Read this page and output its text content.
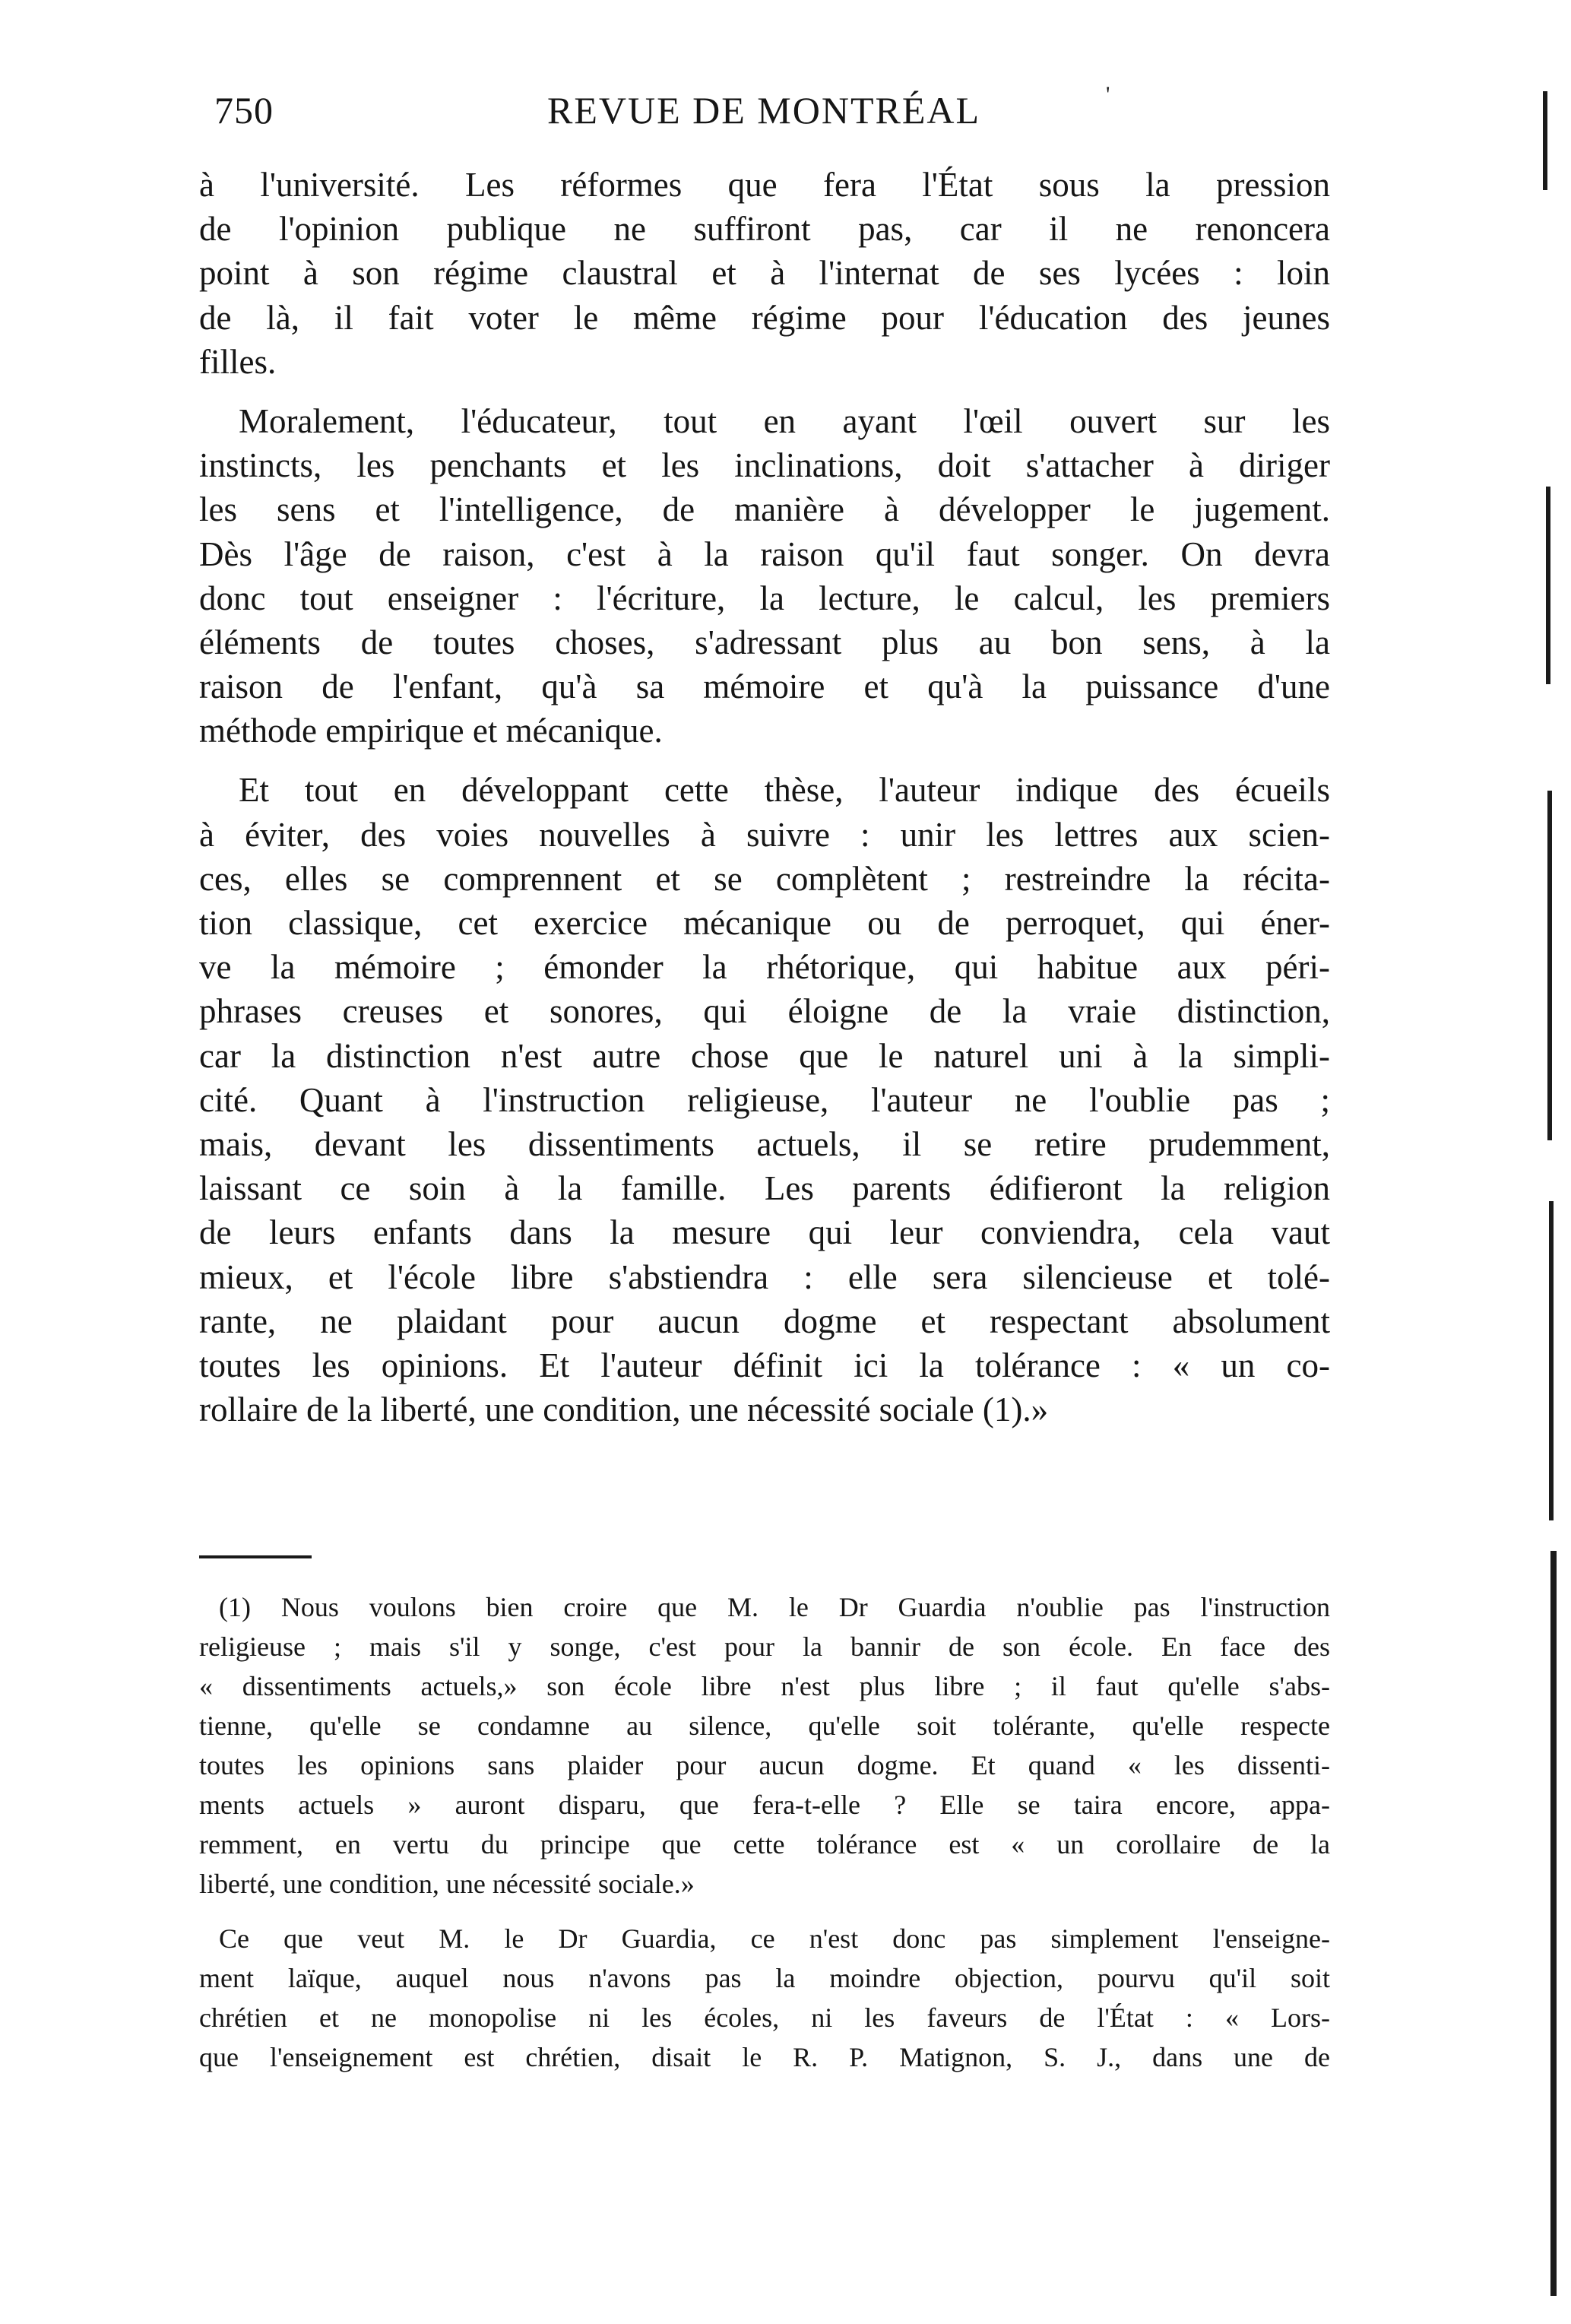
750	REVUE DE MONTRÉAL	'
à l'université. Les réformes que fera l'État sous la pression
de l'opinion publique ne suffiront pas, car il ne renoncera
point à son régime claustral et à l'internat de ses lycées : loin
de là, il fait voter le même régime pour l'éducation des jeunes
filles.
Moralement, l'éducateur, tout en ayant l'œil ouvert sur les
instincts, les penchants et les inclinations, doit s'attacher à diriger
les sens et l'intelligence, de manière à développer le jugement.
Dès l'âge de raison, c'est à la raison qu'il faut songer. On devra
donc tout enseigner : l'écriture, la lecture, le calcul, les premiers
éléments de toutes choses, s'adressant plus au bon sens, à la
raison de l'enfant, qu'à sa mémoire et qu'à la puissance d'une
méthode empirique et mécanique.
Et tout en développant cette thèse, l'auteur indique des écueils
à éviter, des voies nouvelles à suivre : unir les lettres aux scien-
ces, elles se comprennent et se complètent ; restreindre la récita-
tion classique, cet exercice mécanique ou de perroquet, qui éner-
ve la mémoire ; émonder la rhétorique, qui habitue aux péri-
phrases creuses et sonores, qui éloigne de la vraie distinction,
car la distinction n'est autre chose que le naturel uni à la simpli-
cité. Quant à l'instruction religieuse, l'auteur ne l'oublie pas ;
mais, devant les dissentiments actuels, il se retire prudemment,
laissant ce soin à la famille. Les parents édifieront la religion
de leurs enfants dans la mesure qui leur conviendra, cela vaut
mieux, et l'école libre s'abstiendra : elle sera silencieuse et tolé-
rante, ne plaidant pour aucun dogme et respectant absolument
toutes les opinions. Et l'auteur définit ici la tolérance : « un co-
rollaire de la liberté, une condition, une nécessité sociale (1).»
(1) Nous voulons bien croire que M. le Dr Guardia n'oublie pas l'instruction
religieuse ; mais s'il y songe, c'est pour la bannir de son école. En face des
« dissentiments actuels,» son école libre n'est plus libre ; il faut qu'elle s'abs-
tienne, qu'elle se condamne au silence, qu'elle soit tolérante, qu'elle respecte
toutes les opinions sans plaider pour aucun dogme. Et quand « les dissenti-
ments actuels » auront disparu, que fera-t-elle ? Elle se taira encore, appa-
remment, en vertu du principe que cette tolérance est « un corollaire de la
liberté, une condition, une nécessité sociale.»
Ce que veut M. le Dr Guardia, ce n'est donc pas simplement l'enseigne-
ment laïque, auquel nous n'avons pas la moindre objection, pourvu qu'il soit
chrétien et ne monopolise ni les écoles, ni les faveurs de l'État : « Lors-
que l'enseignement est chrétien, disait le R. P. Matignon, S. J., dans une de
